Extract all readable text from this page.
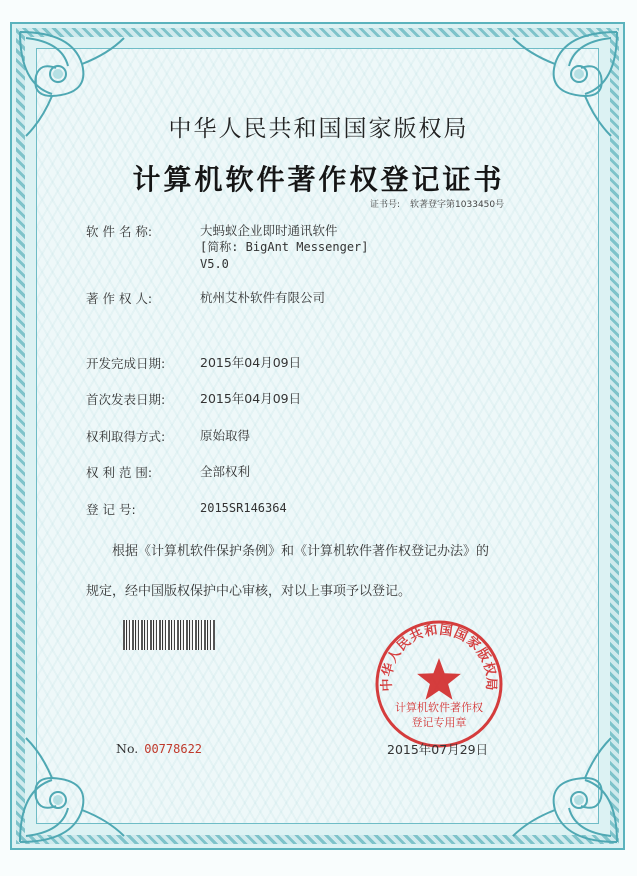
中华人民共和国国家版权局
计算机软件著作权登记证书
证书号: 软著登字第1033450号
软 件 名 称:	大蚂蚁企业即时通讯软件
[简称: BigAnt Messenger]
V5.0
著 作 权 人:	杭州艾朴软件有限公司
开发完成日期:	2015年04月09日
首次发表日期:	2015年04月09日
权利取得方式:	原始取得
权 利 范 围:	全部权利
登 记 号:	2015SR146364
根据《计算机软件保护条例》和《计算机软件著作权登记办法》的
规定，经中国版权保护中心审核，对以上事项予以登记。
中华人民共和国国家版权局
计算机软件著作权
登记专用章
No. 00778622	2015年07月29日
